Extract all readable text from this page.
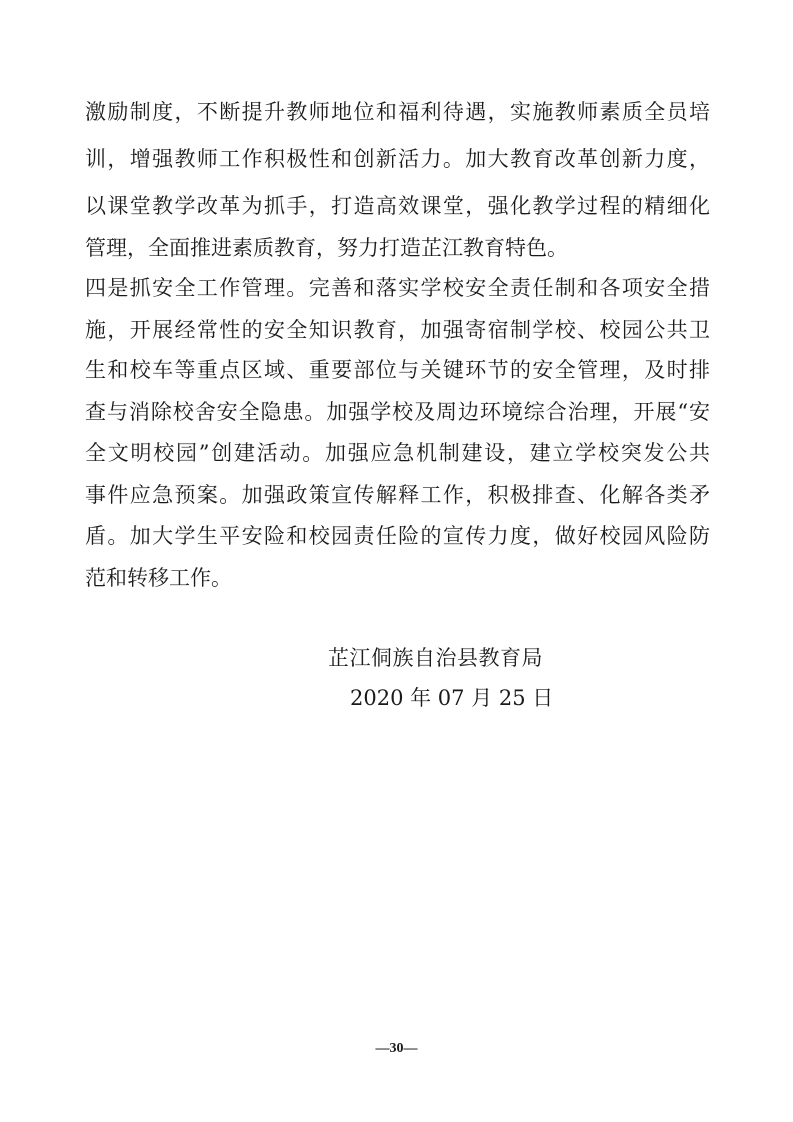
激励制度，不断提升教师地位和福利待遇，实施教师素质全员培
训，增强教师工作积极性和创新活力。加大教育改革创新力度，
以课堂教学改革为抓手，打造高效课堂，强化教学过程的精细化
管理，全面推进素质教育，努力打造芷江教育特色。
四是抓安全工作管理。完善和落实学校安全责任制和各项安全措
施，开展经常性的安全知识教育，加强寄宿制学校、校园公共卫
生和校车等重点区域、重要部位与关键环节的安全管理，及时排
查与消除校舍安全隐患。加强学校及周边环境综合治理，开展“安
全文明校园”创建活动。加强应急机制建设，建立学校突发公共
事件应急预案。加强政策宣传解释工作，积极排查、化解各类矛
盾。加大学生平安险和校园责任险的宣传力度，做好校园风险防
范和转移工作。
芷江侗族自治县教育局
2020 年 07 月 25 日
—30—
